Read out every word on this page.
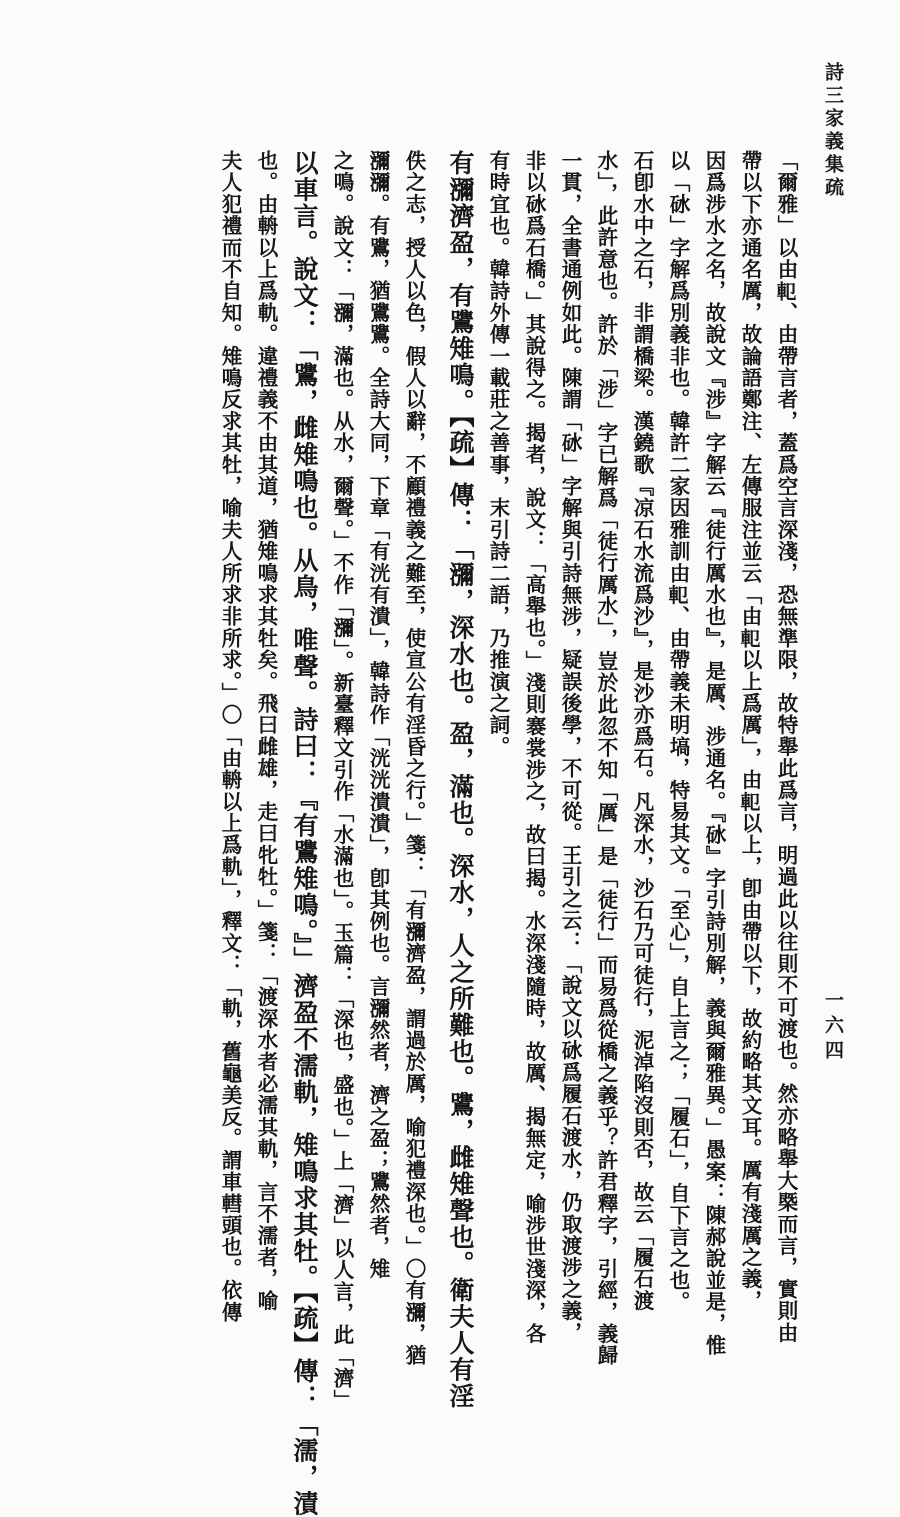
詩三家義集疏
一六四
「爾雅」以由𨊠、由帶言者，蓋爲空言深淺，恐無準限，故特舉此爲言，明過此以往則不可渡也。然亦略舉大槩而言，實則由
帶以下亦通名厲，故論語鄭注、左傳服注並云「由𨊠以上爲厲」，由𨊠以上，卽由帶以下，故約略其文耳。厲有淺厲之義，
因爲涉水之名，故說文『涉』字解云『徒行厲水也』，是厲、涉通名。『砅』字引詩別解，義與爾雅異。」愚案：陳郝說並是，惟
以「砅」字解爲別義非也。韓許二家因雅訓由𨊠、由帶義未明塙，特易其文。「至心」，自上言之；「履石」，自下言之也。
石卽水中之石，非謂橋梁。漢鐃歌『凉石水流爲沙』，是沙亦爲石。凡深水，沙石乃可徒行，泥淖陷沒則否，故云「履石渡
水」，此許意也。許於「涉」字已解爲「徒行厲水」，豈於此忽不知「厲」是「徒行」而易爲從橋之義乎？許君釋字，引經，義歸
一貫，全書通例如此。陳謂「砅」字解與引詩無涉，疑誤後學，不可從。王引之云：「說文以砅爲履石渡水，仍取渡涉之義，
非以砅爲石橋。」其說得之。揭者，說文：「高舉也。」淺則褰裳涉之，故曰揭。水深淺隨時，故厲、揭無定，喻涉世淺深，各
有時宜也。韓詩外傳一載莊之善事，末引詩二語，乃推演之詞。
有瀰濟盈，有鷕雉鳴。【疏】傳：「瀰，深水也。盈，滿也。深水，人之所難也。鷕，雌雉聲也。衛夫人有淫
佚之志，授人以色，假人以辭，不顧禮義之難至，使宣公有淫昏之行。」箋：「有瀰濟盈，謂過於厲，喻犯禮深也。」〇有瀰，猶
瀰瀰。有鷕，猶鷕鷕。全詩大同，下章「有洸有潰」，韓詩作「洸洸潰潰」，卽其例也。言瀰然者，濟之盈；鷕然者，雉
之鳴。說文：「瀰，滿也。从水，爾聲。」不作「瀰」。新臺釋文引作「水滿也」。玉篇：「深也，盛也。」上「濟」以人言，此「濟」
以車言。說文：「鷕，雌雉鳴也。从鳥，唯聲。詩曰：『有鷕雉鳴。』」濟盈不濡軌，雉鳴求其牡。【疏】傳：「濡，漬
也。由輈以上爲軌。違禮義不由其道，猶雉鳴求其牡矣。飛曰雌雄，走曰牝牡。」箋：「渡深水者必濡其軌，言不濡者，喻
夫人犯禮而不自知。雉鳴反求其牡，喻夫人所求非所求。」〇「由輈以上爲軌」，釋文：「軌，舊龜美反。謂車轊頭也。依傳
